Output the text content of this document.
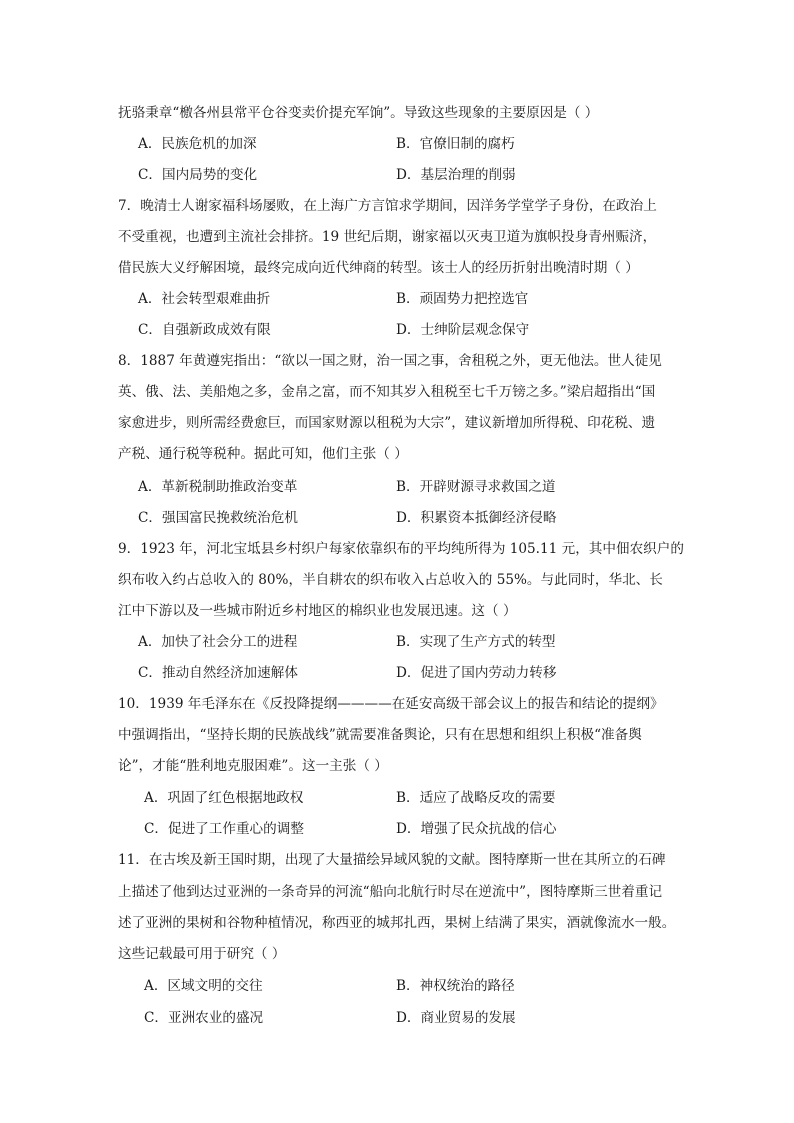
抚骆秉章“檄各州县常平仓谷变卖价提充军饷”。导致这些现象的主要原因是（ ）
A．民族危机的加深	B．官僚旧制的腐朽
C．国内局势的变化	D．基层治理的削弱
7．晚清士人谢家福科场屡败，在上海广方言馆求学期间，因洋务学堂学子身份，在政治上
不受重视，也遭到主流社会排挤。19 世纪后期，谢家福以灭夷卫道为旗帜投身青州赈济，
借民族大义纾解困境，最终完成向近代绅商的转型。该士人的经历折射出晚清时期（ ）
A．社会转型艰难曲折	B．顽固势力把控选官
C．自强新政成效有限	D．士绅阶层观念保守
8．1887 年黄遵宪指出：“欲以一国之财，治一国之事，舍租税之外，更无他法。世人徒见
英、俄、法、美船炮之多，金帛之富，而不知其岁入租税至七千万镑之多。”梁启超指出“国
家愈进步，则所需经费愈巨，而国家财源以租税为大宗”，建议新增加所得税、印花税、遗
产税、通行税等税种。据此可知，他们主张（ ）
A．革新税制助推政治变革	B．开辟财源寻求救国之道
C．强国富民挽救统治危机	D．积累资本抵御经济侵略
9．1923 年，河北宝坻县乡村织户每家依靠织布的平均纯所得为 105.11 元，其中佃农织户的
织布收入约占总收入的 80%，半自耕农的织布收入占总收入的 55%。与此同时，华北、长
江中下游以及一些城市附近乡村地区的棉织业也发展迅速。这（ ）
A．加快了社会分工的进程	B．实现了生产方式的转型
C．推动自然经济加速解体	D．促进了国内劳动力转移
10．1939 年毛泽东在《反投降提纲————在延安高级干部会议上的报告和结论的提纲》
中强调指出，“坚持长期的民族战线”就需要准备舆论，只有在思想和组织上积极“准备舆
论”，才能“胜利地克服困难”。这一主张（ ）
A．巩固了红色根据地政权	B．适应了战略反攻的需要
C．促进了工作重心的调整	D．增强了民众抗战的信心
11．在古埃及新王国时期，出现了大量描绘异域风貌的文献。图特摩斯一世在其所立的石碑
上描述了他到达过亚洲的一条奇异的河流“船向北航行时尽在逆流中”，图特摩斯三世着重记
述了亚洲的果树和谷物种植情况，称西亚的城邦扎西，果树上结满了果实，酒就像流水一般。
这些记载最可用于研究（ ）
A．区域文明的交往	B．神权统治的路径
C．亚洲农业的盛况	D．商业贸易的发展
